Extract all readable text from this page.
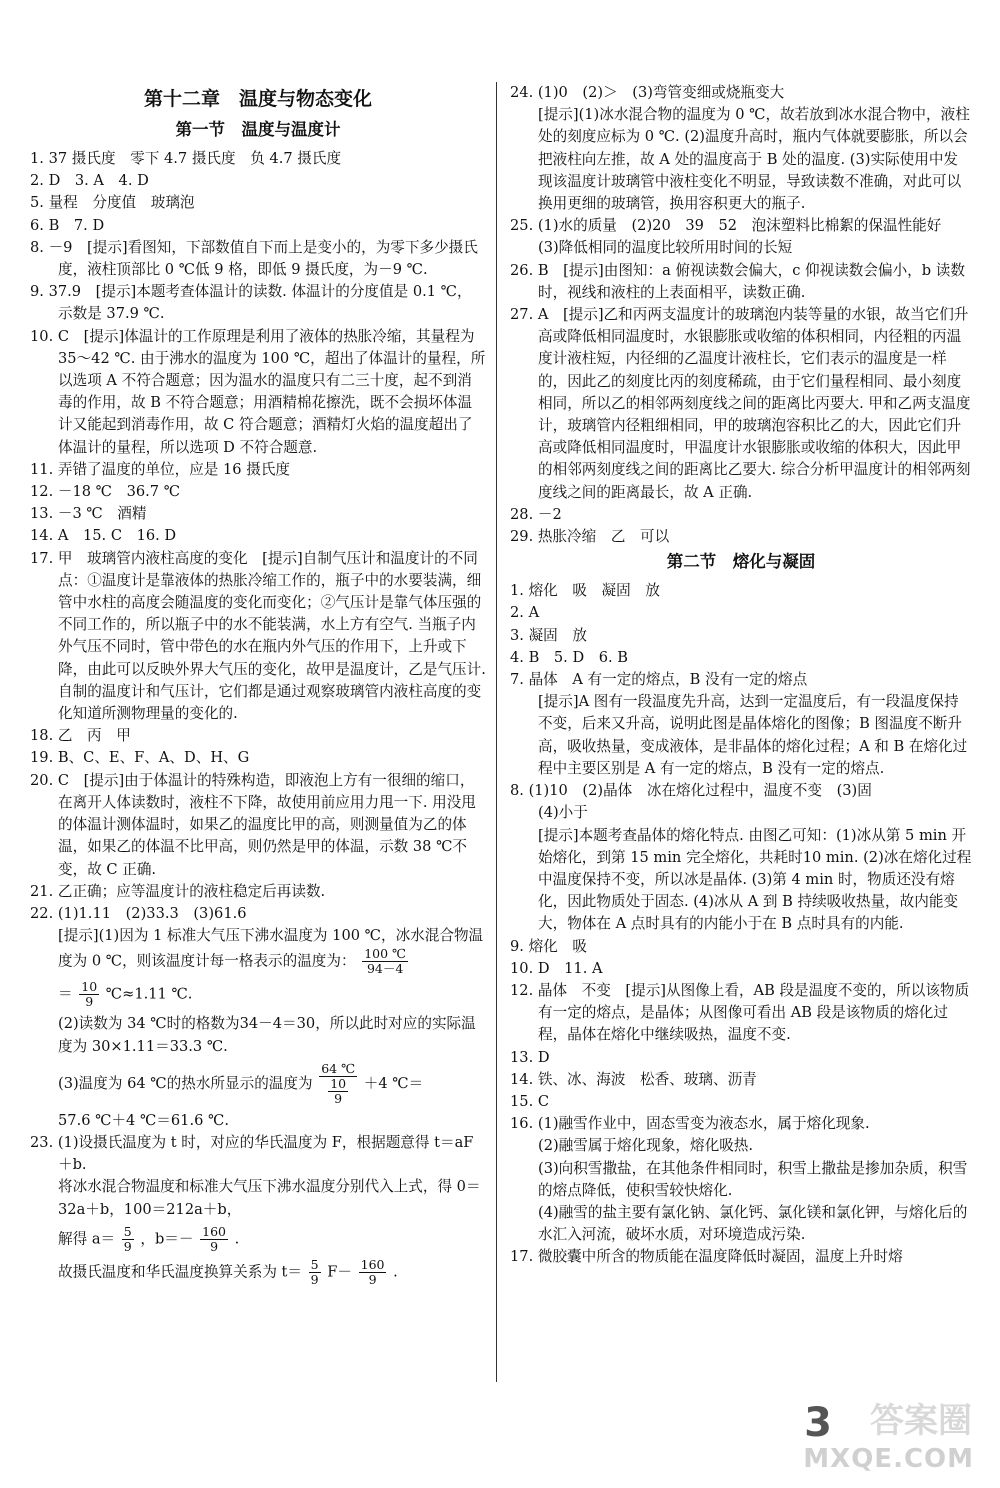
第十二章　温度与物态变化
第一节　温度与温度计

1. 37 摄氏度　零下 4.7 摄氏度　负 4.7 摄氏度

2. D　3. A　4. D

5. 量程　分度值　玻璃泡

6. B　7. D

8. －9　[提示]看图知，下部数值自下而上是变小的，为零下多少摄氏度，液柱顶部比 0 ℃低 9 格，即低 9 摄氏度，为－9 ℃.

9. 37.9　[提示]本题考查体温计的读数. 体温计的分度值是 0.1 ℃，示数是 37.9 ℃.

10. C　[提示]体温计的工作原理是利用了液体的热胀冷缩，其量程为 35～42 ℃. 由于沸水的温度为 100 ℃，超出了体温计的量程，所以选项 A 不符合题意；因为温水的温度只有二三十度，起不到消毒的作用，故 B 不符合题意；用酒精棉花擦洗，既不会损坏体温计又能起到消毒作用，故 C 符合题意；酒精灯火焰的温度超出了体温计的量程，所以选项 D 不符合题意.

11. 弄错了温度的单位，应是 16 摄氏度

12. －18 ℃　36.7 ℃

13. －3 ℃　酒精

14. A　15. C　16. D

17. 甲　玻璃管内液柱高度的变化　[提示]自制气压计和温度计的不同点：①温度计是靠液体的热胀冷缩工作的，瓶子中的水要装满，细管中水柱的高度会随温度的变化而变化；②气压计是靠气体压强的不同工作的，所以瓶子中的水不能装满，水上方有空气. 当瓶子内外气压不同时，管中带色的水在瓶内外气压的作用下，上升或下降，由此可以反映外界大气压的变化，故甲是温度计，乙是气压计. 自制的温度计和气压计，它们都是通过观察玻璃管内液柱高度的变化知道所测物理量的变化的.

18. 乙　丙　甲

19. B、C、E、F、A、D、H、G

20. C　[提示]由于体温计的特殊构造，即液泡上方有一很细的缩口，在离开人体读数时，液柱不下降，故使用前应用力甩一下. 用没甩的体温计测体温时，如果乙的温度比甲的高，则测量值为乙的体温，如果乙的体温不比甲高，则仍然是甲的体温，示数 38 ℃不变，故 C 正确.

21. 乙正确；应等温度计的液柱稳定后再读数.

22. (1)1.11　(2)33.3　(3)61.6

[提示](1)因为 1 标准大气压下沸水温度为 100 ℃，冰水混合物温度为 0 ℃，则该温度计每一格表示的温度为： $\frac{100 ℃}{94-4}$

＝ $\frac{10}{9}$ ℃≈1.11 ℃.

(2)读数为 34 ℃时的格数为34－4＝30，所以此时对应的实际温度为 30×1.11＝33.3 ℃.

(3)温度为 64 ℃的热水所显示的温度为 $\frac{64 ℃}{\frac{10}{9}} +4$ ℃＝

57.6 ℃＋4 ℃＝61.6 ℃.

23. (1)设摄氏温度为 t 时，对应的华氏温度为 F，根据题意得 t＝aF＋b.

将冰水混合物温度和标准大气压下沸水温度分别代入上式，得 0＝32a＋b，100＝212a＋b，

解得 $a= \frac{5}{9}$ ，$b=- \frac{160}{9}$ .

故摄氏温度和华氏温度换算关系为 $t= \frac{5}{9} F- \frac{160}{9}$ .

24. (1)0　(2)＞　(3)弯管变细或烧瓶变大

[提示](1)冰水混合物的温度为 0 ℃，故若放到冰水混合物中，液柱处的刻度应标为 0 ℃. (2)温度升高时，瓶内气体就要膨胀，所以会把液柱向左推，故 A 处的温度高于 B 处的温度. (3)实际使用中发现该温度计玻璃管中液柱变化不明显，导致读数不准确，对此可以换用更细的玻璃管，换用容积更大的瓶子.

25. (1)水的质量　(2)20　39　52　泡沫塑料比棉絮的保温性能好　(3)降低相同的温度比较所用时间的长短

26. B　[提示]由图知：a 俯视读数会偏大，c 仰视读数会偏小，b 读数时，视线和液柱的上表面相平，读数正确.

27. A　[提示]乙和丙两支温度计的玻璃泡内装等量的水银，故当它们升高或降低相同温度时，水银膨胀或收缩的体积相同，内径粗的丙温度计液柱短，内径细的乙温度计液柱长，它们表示的温度是一样的，因此乙的刻度比丙的刻度稀疏，由于它们量程相同、最小刻度相同，所以乙的相邻两刻度线之间的距离比丙要大. 甲和乙两支温度计，玻璃管内径粗细相同，甲的玻璃泡容积比乙的大，因此它们升高或降低相同温度时，甲温度计水银膨胀或收缩的体积大，因此甲的相邻两刻度线之间的距离比乙要大. 综合分析甲温度计的相邻两刻度线之间的距离最长，故 A 正确.

28. －2

29. 热胀冷缩　乙　可以

第二节　熔化与凝固

1. 熔化　吸　凝固　放

2. A

3. 凝固　放

4. B　5. D　6. B

7. 晶体　A 有一定的熔点，B 没有一定的熔点

[提示]A 图有一段温度先升高，达到一定温度后，有一段温度保持不变，后来又升高，说明此图是晶体熔化的图像；B 图温度不断升高，吸收热量，变成液体，是非晶体的熔化过程；A 和 B 在熔化过程中主要区别是 A 有一定的熔点，B 没有一定的熔点.

8. (1)10　(2)晶体　冰在熔化过程中，温度不变　(3)固

(4)小于

[提示]本题考查晶体的熔化特点. 由图乙可知：(1)冰从第 5 min 开始熔化，到第 15 min 完全熔化，共耗时10 min. (2)冰在熔化过程中温度保持不变，所以冰是晶体. (3)第 4 min 时，物质还没有熔化，因此物质处于固态. (4)冰从 A 到 B 持续吸收热量，故内能变大，物体在 A 点时具有的内能小于在 B 点时具有的内能.

9. 熔化　吸

10. D　11. A

12. 晶体　不变　[提示]从图像上看，AB 段是温度不变的，所以该物质有一定的熔点，是晶体；从图像可看出 AB 段是该物质的熔化过程，晶体在熔化中继续吸热，温度不变.

13. D

14. 铁、冰、海波　松香、玻璃、沥青

15. C

16. (1)融雪作业中，固态雪变为液态水，属于熔化现象.

(2)融雪属于熔化现象，熔化吸热.

(3)向积雪撒盐，在其他条件相同时，积雪上撒盐是掺加杂质，积雪的熔点降低，使积雪较快熔化.

(4)融雪的盐主要有氯化钠、氯化钙、氯化镁和氯化钾，与熔化后的水汇入河流，破坏水质，对环境造成污染.

17. 微胶囊中所含的物质能在温度降低时凝固，温度上升时熔

3 答案圈
MXQE.COM
